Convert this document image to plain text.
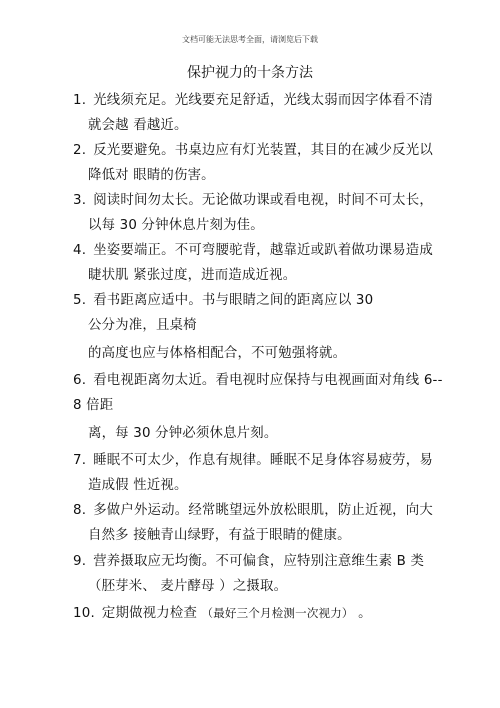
文档可能无法思考全面，请浏览后下载
保护视力的十条方法
1. 光线须充足。光线要充足舒适，光线太弱而因字体看不清
就会越 看越近。
2. 反光要避免。书桌边应有灯光装置，其目的在减少反光以
降低对 眼睛的伤害。
3. 阅读时间勿太长。无论做功课或看电视，时间不可太长，
以每 30 分钟休息片刻为佳。
4. 坐姿要端正。不可弯腰驼背，越靠近或趴着做功课易造成
睫状肌 紧张过度，进而造成近视。
5. 看书距离应适中。书与眼睛之间的距离应以 30
公分为准，且桌椅
的高度也应与体格相配合，不可勉强将就。
6. 看电视距离勿太近。看电视时应保持与电视画面对角线 6--
8 倍距
离，每 30 分钟必须休息片刻。
7. 睡眠不可太少，作息有规律。睡眠不足身体容易疲劳，易
造成假 性近视。
8. 多做户外运动。经常眺望远外放松眼肌，防止近视，向大
自然多 接触青山绿野，有益于眼睛的健康。
9. 营养摄取应无均衡。不可偏食，应特别注意维生素 B 类
（胚芽米、 麦片酵母 ）之摄取。
10. 定期做视力检查 （最好三个月检测一次视力） 。
